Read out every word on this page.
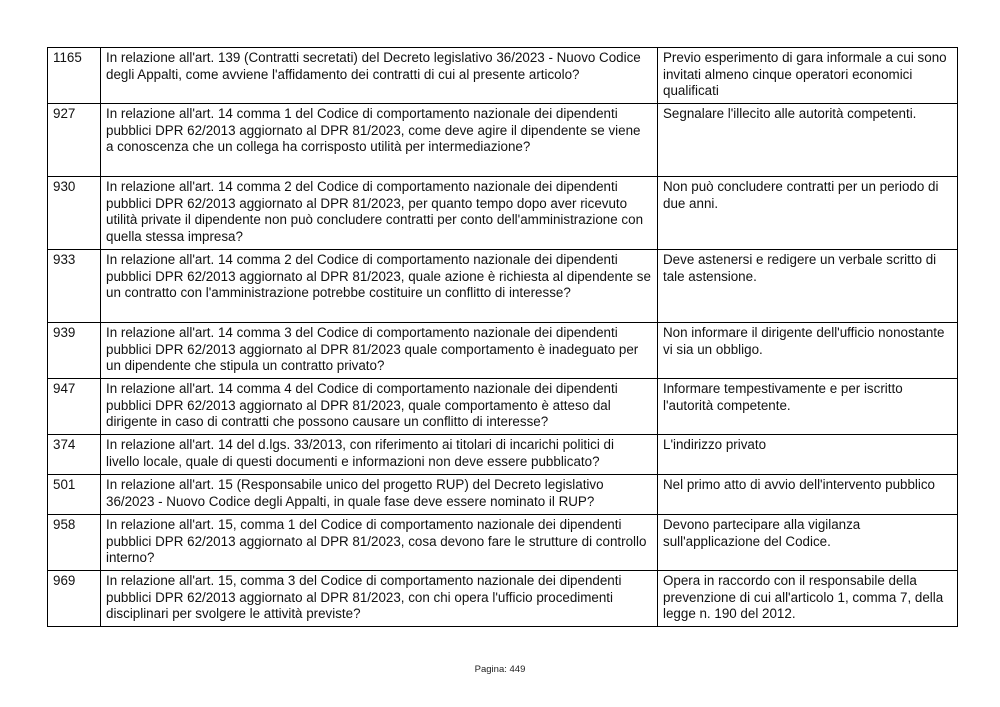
1165	In relazione all'art. 139 (Contratti secretati) del Decreto legislativo 36/2023 - Nuovo Codice degli Appalti, come avviene l'affidamento dei contratti di cui al presente articolo?	Previo esperimento di gara informale a cui sono invitati almeno cinque operatori economici qualificati
927	In relazione all'art. 14 comma 1 del Codice di comportamento nazionale dei dipendenti pubblici DPR 62/2013 aggiornato al DPR 81/2023, come deve agire il dipendente se viene a conoscenza che un collega ha corrisposto utilità per intermediazione?	Segnalare l'illecito alle autorità competenti.
930	In relazione all'art. 14 comma 2 del Codice di comportamento nazionale dei dipendenti pubblici DPR 62/2013 aggiornato al DPR 81/2023, per quanto tempo dopo aver ricevuto utilità private il dipendente non può concludere contratti per conto dell'amministrazione con quella stessa impresa?	Non può concludere contratti per un periodo di due anni.
933	In relazione all'art. 14 comma 2 del Codice di comportamento nazionale dei dipendenti pubblici DPR 62/2013 aggiornato al DPR 81/2023, quale azione è richiesta al dipendente se un contratto con l'amministrazione potrebbe costituire un conflitto di interesse?	Deve astenersi e redigere un verbale scritto di tale astensione.
939	In relazione all'art. 14 comma 3 del Codice di comportamento nazionale dei dipendenti pubblici DPR 62/2013 aggiornato al DPR 81/2023 quale comportamento è inadeguato per un dipendente che stipula un contratto privato?	Non informare il dirigente dell'ufficio nonostante vi sia un obbligo.
947	In relazione all'art. 14 comma 4 del Codice di comportamento nazionale dei dipendenti pubblici DPR 62/2013 aggiornato al DPR 81/2023, quale comportamento è atteso dal dirigente in caso di contratti che possono causare un conflitto di interesse?	Informare tempestivamente e per iscritto l'autorità competente.
374	In relazione all'art. 14 del d.lgs. 33/2013, con riferimento ai titolari di incarichi politici di livello locale, quale di questi documenti e informazioni non deve essere pubblicato?	L'indirizzo privato
501	In relazione all'art. 15 (Responsabile unico del progetto RUP) del Decreto legislativo 36/2023 - Nuovo Codice degli Appalti, in quale fase deve essere nominato il RUP?	Nel primo atto di avvio dell'intervento pubblico
958	In relazione all'art. 15, comma 1 del Codice di comportamento nazionale dei dipendenti pubblici DPR 62/2013 aggiornato al DPR 81/2023, cosa devono fare le strutture di controllo interno?	Devono partecipare alla vigilanza sull'applicazione del Codice.
969	In relazione all'art. 15, comma 3 del Codice di comportamento nazionale dei dipendenti pubblici DPR 62/2013 aggiornato al DPR 81/2023, con chi opera l'ufficio procedimenti disciplinari per svolgere le attività previste?	Opera in raccordo con il responsabile della prevenzione di cui all'articolo 1, comma 7, della legge n. 190 del 2012.
Pagina: 449
